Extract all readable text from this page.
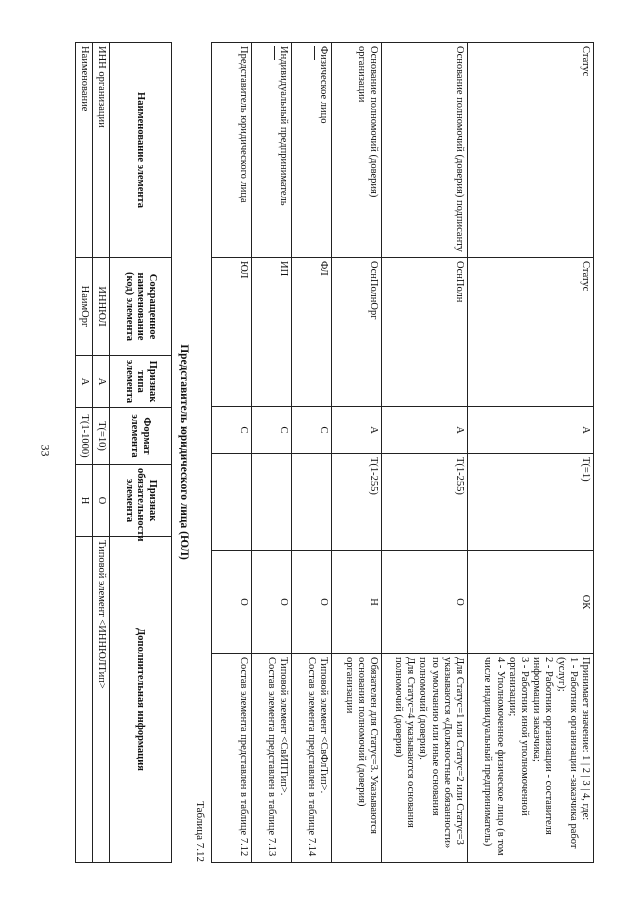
33
Статус	Статус	А	T(=1)	ОК	Принимает значение: 1 | 2 | 3 | 4, где:
1 - Работник организации -заказчика работ (услуг);
2 - Работник организации - составителя информации заказчика;
3 - Работник иной уполномоченной организации;
4 - Уполномоченное физическое лицо (в том числе индивидуальный предприниматель)

Основание полномочий (доверия) подписанту	ОснПолн	А	T(1-255)	О	Для Статус=1 или Статус=2 или Статус=3 указываются «Должностные обязанности» по умолчанию или иные основания полномочий (доверия).
Для Статус=4 указываются основания полномочий (доверия)

Основание полномочий (доверия) организации	ОснПолнОрг	А	T(1-255)	Н	Обязателен для Статус=3. Указываются основания полномочий (доверия) организации

Физическое лицо	ФЛ	С		О	Типовой элемент <СвФлТип>.
Состав элемента представлен в таблице 7.14

Индивидуальный предприниматель	ИП	С		О	Типовой элемент <СвИПТип>.
Состав элемента представлен в таблице 7.13

Представитель юридического лица	ЮЛ	С		О	Состав элемента представлен в таблице 7.12
Таблица 7.12
Представитель юридического лица (ЮЛ)
Наименование элемента	Сокращенное наименование (код) элемента	Признак типа элемента	Формат элемента	Признак обязательности элемента	Дополнительная информация
ИНН организации	ИННЮЛ	А	T(=10)	О	Типовой элемент <ИННЮЛТип>
Наименование	НаимОрг	А	T(1-1000)	Н	
